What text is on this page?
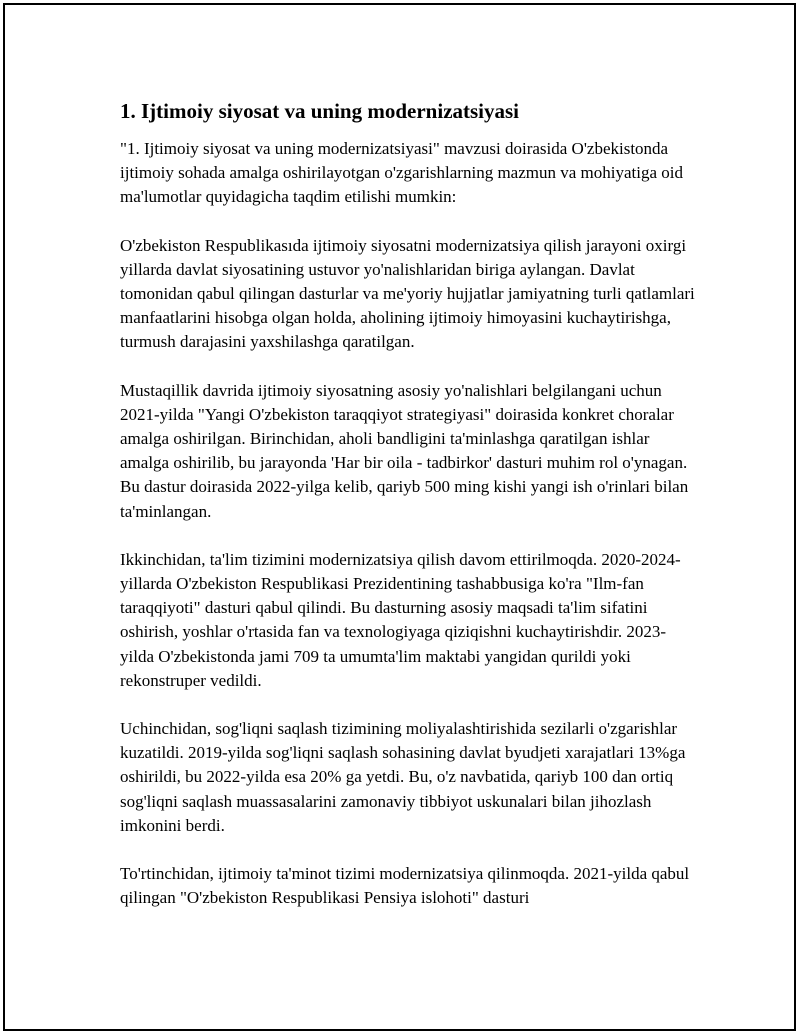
1. Ijtimoiy siyosat va uning modernizatsiyasi

"1. Ijtimoiy siyosat va uning modernizatsiyasi" mavzusi doirasida O'zbekistonda ijtimoiy sohada amalga oshirilayotgan o'zgarishlarning mazmun va mohiyatiga oid ma'lumotlar quyidagicha taqdim etilishi mumkin:

O'zbekiston Respublikasıda ijtimoiy siyosatni modernizatsiya qilish jarayoni oxirgi yillarda davlat siyosatining ustuvor yo'nalishlaridan biriga aylangan. Davlat tomonidan qabul qilingan dasturlar va me'yoriy hujjatlar jamiyatning turli qatlamlari manfaatlarini hisobga olgan holda, aholining ijtimoiy himoyasini kuchaytirishga, turmush darajasini yaxshilashga qaratilgan.

Mustaqillik davrida ijtimoiy siyosatning asosiy yo'nalishlari belgilangani uchun 2021-yilda "Yangi O'zbekiston taraqqiyot strategiyasi" doirasida konkret choralar amalga oshirilgan. Birinchidan, aholi bandligini ta'minlashga qaratilgan ishlar amalga oshirilib, bu jarayonda 'Har bir oila - tadbirkor' dasturi muhim rol o'ynagan. Bu dastur doirasida 2022-yilga kelib, qariyb 500 ming kishi yangi ish o'rinlari bilan ta'minlangan.

Ikkinchidan, ta'lim tizimini modernizatsiya qilish davom ettirilmoqda. 2020-2024-yillarda O'zbekiston Respublikasi Prezidentining tashabbusiga ko'ra "Ilm-fan taraqqiyoti" dasturi qabul qilindi. Bu dasturning asosiy maqsadi ta'lim sifatini oshirish, yoshlar o'rtasida fan va texnologiyaga qiziqishni kuchaytirishdir. 2023-yilda O'zbekistonda jami 709 ta umumta'lim maktabi yangidan qurildi yoki rekonstruper vedildi.

Uchinchidan, sog'liqni saqlash tizimining moliyalashtirishida sezilarli o'zgarishlar kuzatildi. 2019-yilda sog'liqni saqlash sohasining davlat byudjeti xarajatlari 13%ga oshirildi, bu 2022-yilda esa 20% ga yetdi. Bu, o'z navbatida, qariyb 100 dan ortiq sog'liqni saqlash muassasalarini zamonaviy tibbiyot uskunalari bilan jihozlash imkonini berdi.

To'rtinchidan, ijtimoiy ta'minot tizimi modernizatsiya qilinmoqda. 2021-yilda qabul qilingan "O'zbekiston Respublikasi Pensiya islohoti" dasturi
